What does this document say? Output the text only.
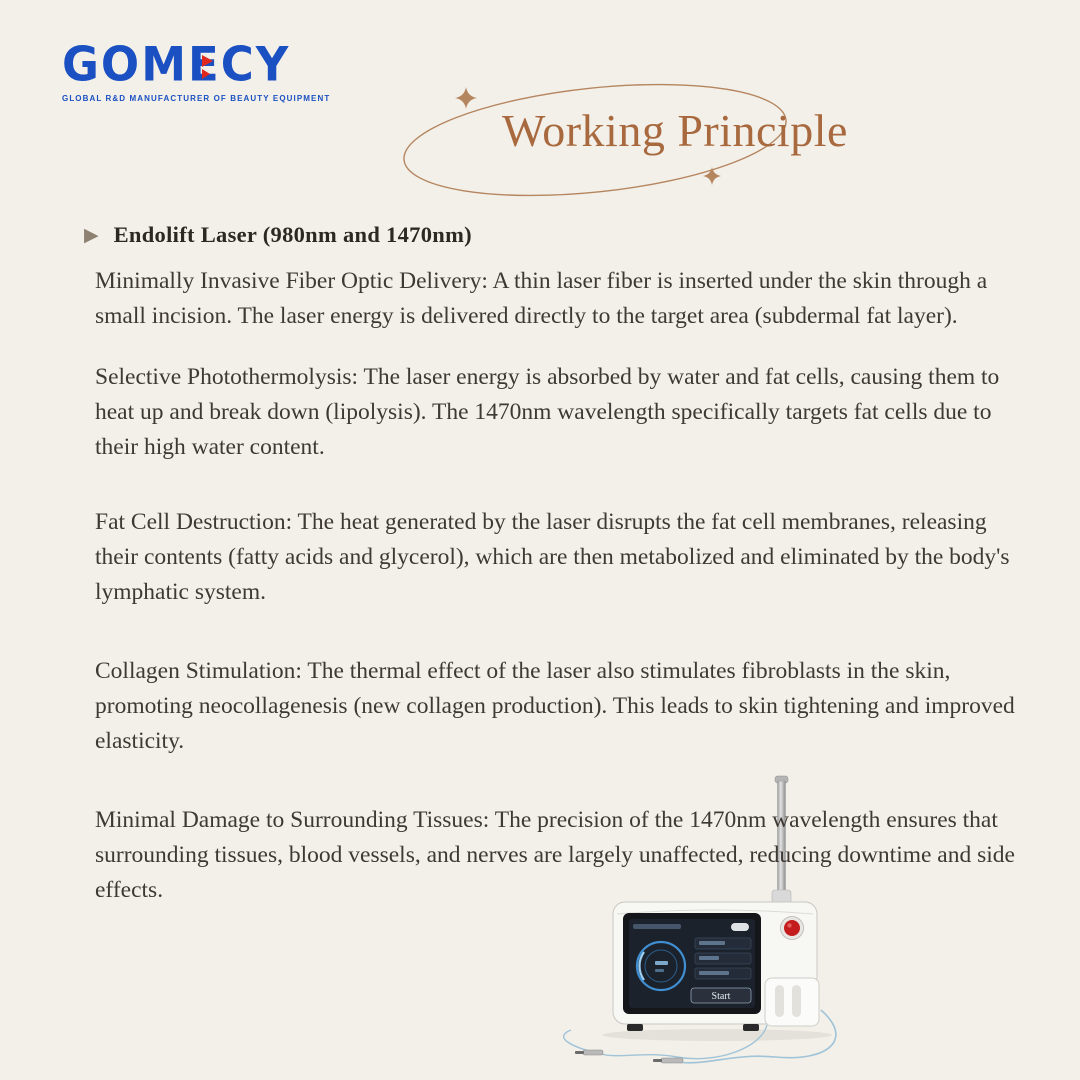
GOMECY
GLOBAL R&D MANUFACTURER OF BEAUTY EQUIPMENT
Working Principle
▶ Endolift Laser (980nm and 1470nm)

Minimally Invasive Fiber Optic Delivery: A thin laser fiber is inserted under the skin through a small incision. The laser energy is delivered directly to the target area (subdermal fat layer).

Selective Photothermolysis: The laser energy is absorbed by water and fat cells, causing them to heat up and break down (lipolysis). The 1470nm wavelength specifically targets fat cells due to their high water content.

Fat Cell Destruction: The heat generated by the laser disrupts the fat cell membranes, releasing their contents (fatty acids and glycerol), which are then metabolized and eliminated by the body's lymphatic system.

Collagen Stimulation: The thermal effect of the laser also stimulates fibroblasts in the skin, promoting neocollagenesis (new collagen production). This leads to skin tightening and improved elasticity.

Minimal Damage to Surrounding Tissues: The precision of the 1470nm wavelength ensures that surrounding tissues, blood vessels, and nerves are largely unaffected, reducing downtime and side effects.

Start
